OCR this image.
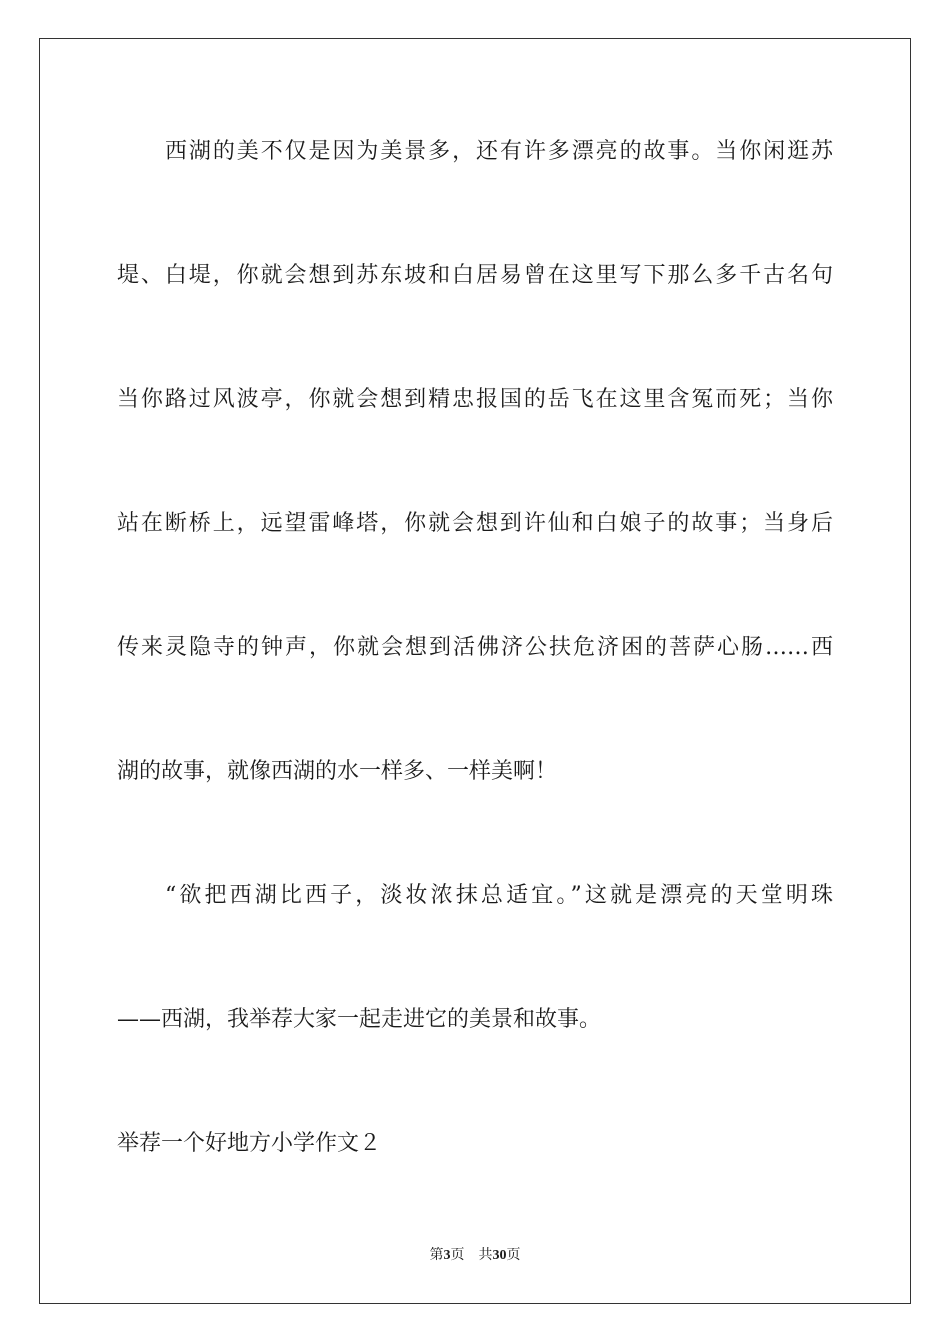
西湖的美不仅是因为美景多，还有许多漂亮的故事。当你闲逛苏
堤、白堤，你就会想到苏东坡和白居易曾在这里写下那么多千古名句
当你路过风波亭，你就会想到精忠报国的岳飞在这里含冤而死；当你
站在断桥上，远望雷峰塔，你就会想到许仙和白娘子的故事；当身后
传来灵隐寺的钟声，你就会想到活佛济公扶危济困的菩萨心肠……西
湖的故事，就像西湖的水一样多、一样美啊！
“欲把西湖比西子，淡妆浓抹总适宜。”这就是漂亮的天堂明珠
——西湖，我举荐大家一起走进它的美景和故事。
举荐一个好地方小学作文２
第3页 共30页
